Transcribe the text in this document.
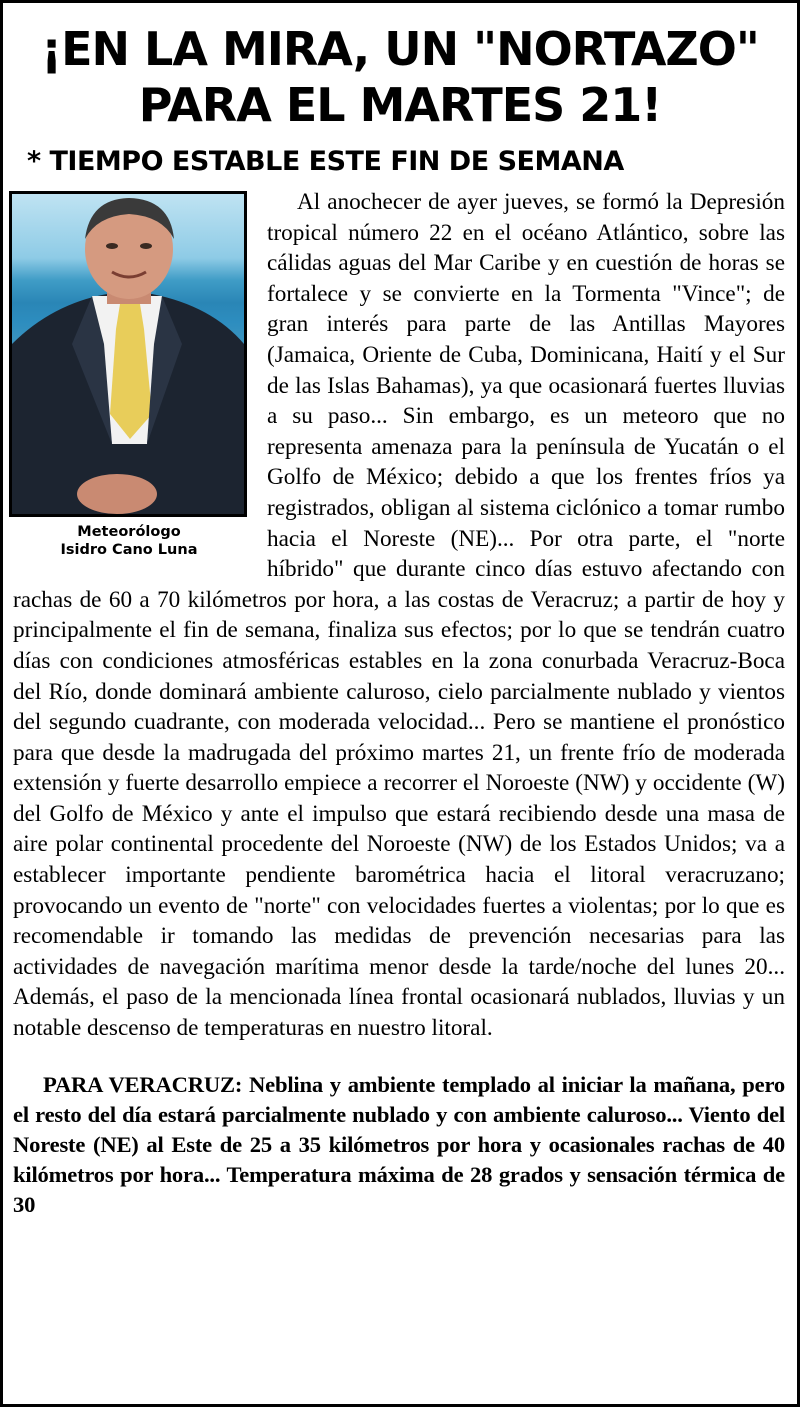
¡EN LA MIRA, UN "NORTAZO"
PARA EL MARTES 21!
* TIEMPO ESTABLE ESTE FIN DE SEMANA
Meteorólogo
Isidro Cano Luna

Al anochecer de ayer jueves, se formó la Depresión tropical número 22 en el océano Atlántico, sobre las cálidas aguas del Mar Caribe y en cuestión de horas se fortalece y se convierte en la Tormenta "Vince"; de gran interés para parte de las Antillas Mayores (Jamaica, Oriente de Cuba, Dominicana, Haití y el Sur de las Islas Bahamas), ya que ocasionará fuertes lluvias a su paso... Sin embargo, es un meteoro que no representa amenaza para la península de Yucatán o el Golfo de México; debido a que los frentes fríos ya registrados, obligan al sistema ciclónico a tomar rumbo hacia el Noreste (NE)... Por otra parte, el "norte híbrido" que durante cinco días estuvo afectando con rachas de 60 a 70 kilómetros por hora, a las costas de Veracruz; a partir de hoy y principalmente el fin de semana, finaliza sus efectos; por lo que se tendrán cuatro días con condiciones atmosféricas estables en la zona conurbada Veracruz-Boca del Río, donde dominará ambiente caluroso, cielo parcialmente nublado y vientos del segundo cuadrante, con moderada velocidad... Pero se mantiene el pronóstico para que desde la madrugada del próximo martes 21, un frente frío de moderada extensión y fuerte desarrollo empiece a recorrer el Noroeste (NW) y occidente (W) del Golfo de México y ante el impulso que estará recibiendo desde una masa de aire polar continental procedente del Noroeste (NW) de los Estados Unidos; va a establecer importante pendiente barométrica hacia el litoral veracruzano; provocando un evento de "norte" con velocidades fuertes a violentas; por lo que es recomendable ir tomando las medidas de prevención necesarias para las actividades de navegación marítima menor desde la tarde/noche del lunes 20... Además, el paso de la mencionada línea frontal ocasionará nublados, lluvias y un notable descenso de temperaturas en nuestro litoral.

PARA VERACRUZ: Neblina y ambiente templado al iniciar la mañana, pero el resto del día estará parcialmente nublado y con ambiente caluroso... Viento del Noreste (NE) al Este de 25 a 35 kilómetros por hora y ocasionales rachas de 40 kilómetros por hora... Temperatura máxima de 28 grados y sensación térmica de 30
